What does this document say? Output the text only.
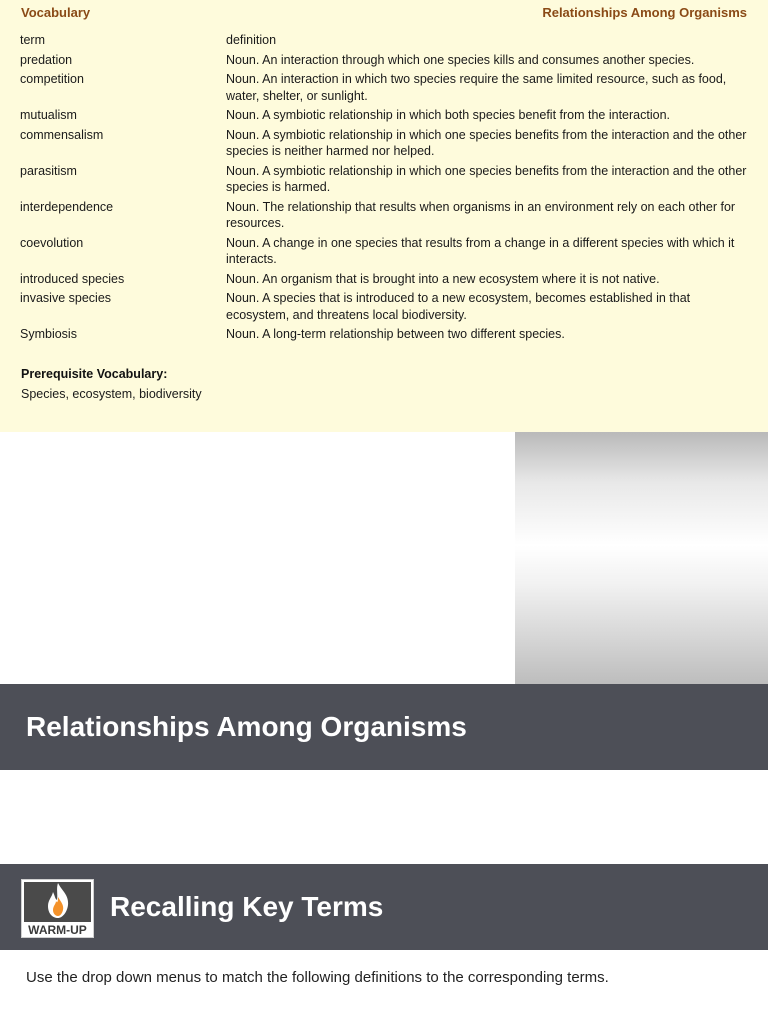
Vocabulary	Relationships Among Organisms
term	definition
predation	Noun. An interaction through which one species kills and consumes another species.
competition	Noun. An interaction in which two species require the same limited resource, such as food, water, shelter, or sunlight.
mutualism	Noun. A symbiotic relationship in which both species benefit from the interaction.
commensalism	Noun. A symbiotic relationship in which one species benefits from the interaction and the other species is neither harmed nor helped.
parasitism	Noun. A symbiotic relationship in which one species benefits from the interaction and the other species is harmed.
interdependence	Noun. The relationship that results when organisms in an environment rely on each other for resources.
coevolution	Noun. A change in one species that results from a change in a different species with which it interacts.
introduced species	Noun. An organism that is brought into a new ecosystem where it is not native.
invasive species	Noun. A species that is introduced to a new ecosystem, becomes established in that ecosystem, and threatens local biodiversity.
Symbiosis	Noun. A long-term relationship between two different species.
Prerequisite Vocabulary:
Species, ecosystem, biodiversity
Relationships Among Organisms
WARM-UP
Recalling Key Terms
Use the drop down menus to match the following definitions to the corresponding terms.
